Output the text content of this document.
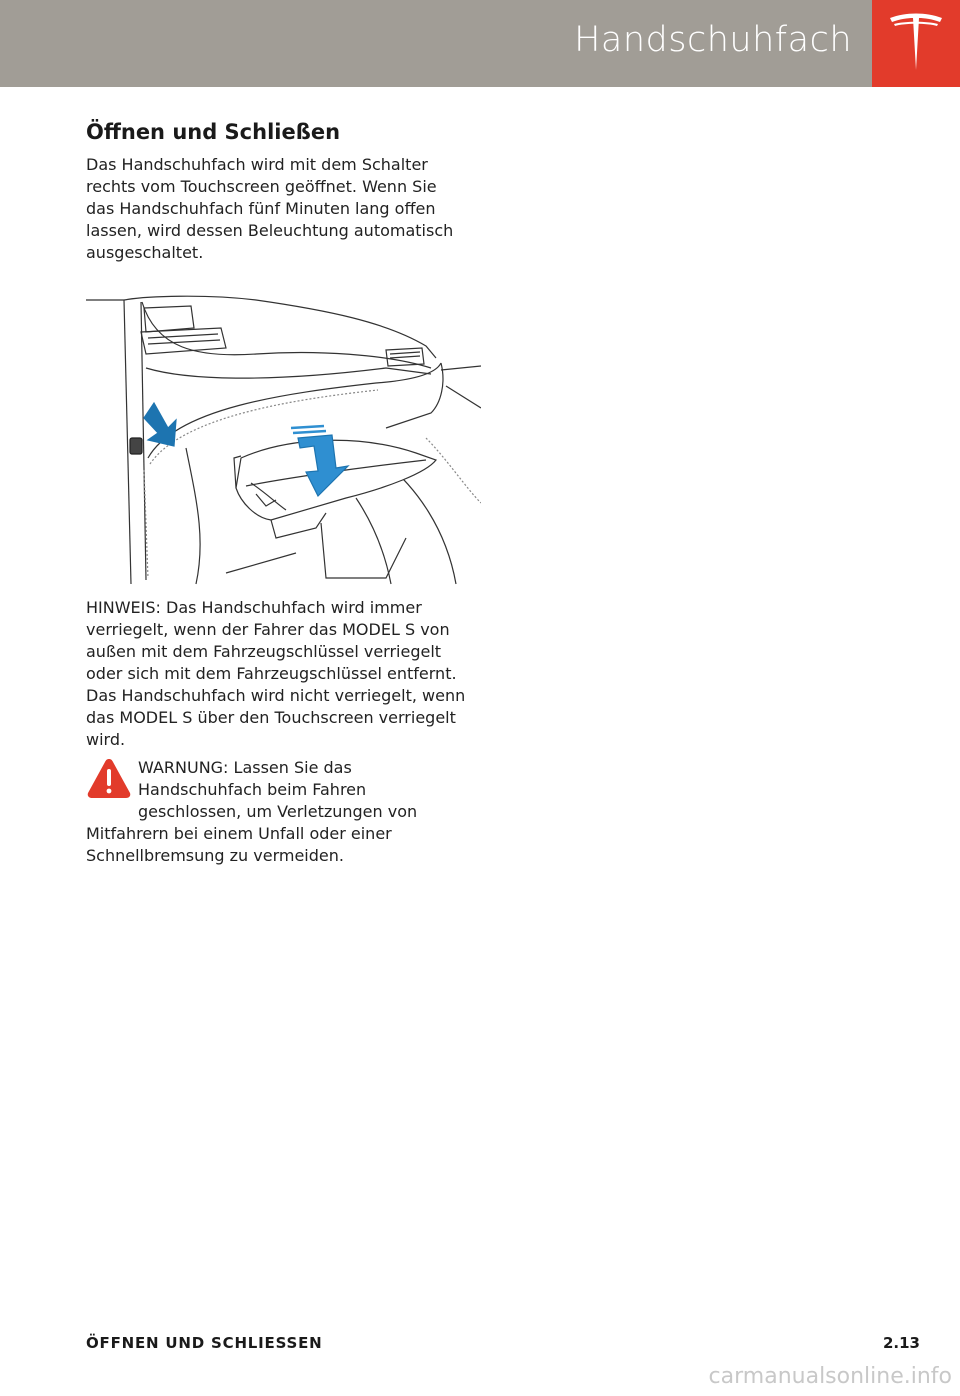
Handschuhfach
Öffnen und Schließen

Das Handschuhfach wird mit dem Schalter
rechts vom Touchscreen geöffnet. Wenn Sie
das Handschuhfach fünf Minuten lang offen
lassen, wird dessen Beleuchtung automatisch
ausgeschaltet.

HINWEIS: Das Handschuhfach wird immer
verriegelt, wenn der Fahrer das MODEL S von
außen mit dem Fahrzeugschlüssel verriegelt
oder sich mit dem Fahrzeugschlüssel entfernt.
Das Handschuhfach wird nicht verriegelt, wenn
das MODEL S über den Touchscreen verriegelt
wird.
WARNUNG: Lassen Sie das
Handschuhfach beim Fahren
geschlossen, um Verletzungen von
Mitfahrern bei einem Unfall oder einer
Schnellbremsung zu vermeiden.
ÖFFNEN UND SCHLIESSEN	2.13
carmanualsonline.info
